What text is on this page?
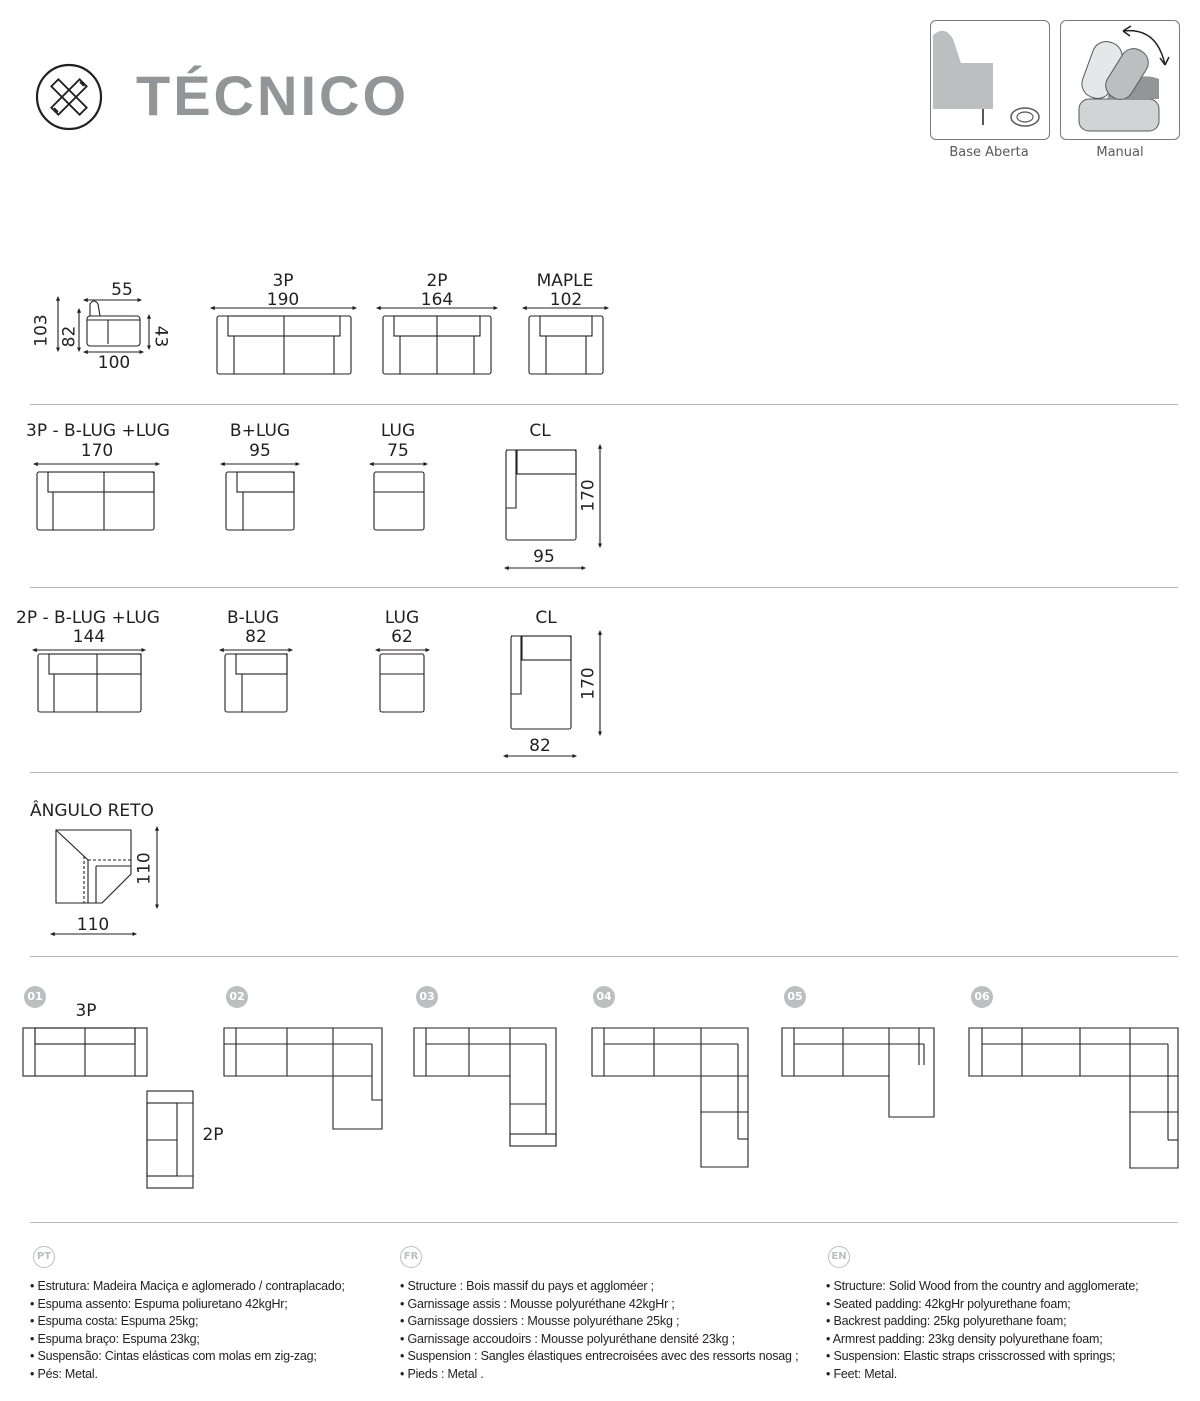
TÉCNICO
Base Aberta	Manual
55
100
103 82	43
3P
190
2P
164
MAPLE
102
3P - B-LUG +LUG
170
B+LUG
95
LUG
75
CL
95
170
2P - B-LUG +LUG
144
B-LUG
82
LUG
62
CL
82
170
ÂNGULO RETO
110
110
01	02	03	04	05	06
3P
2P
PT	FR	EN
• Estrutura: Madeira Maciça e aglomerado / contraplacado;
• Espuma assento: Espuma poliuretano 42kgHr;
• Espuma costa: Espuma 25kg;
• Espuma braço: Espuma 23kg;
• Suspensão: Cintas elásticas com molas em zig-zag;
• Pés: Metal.
• Structure : Bois massif du pays et aggloméer ;
• Garnissage assis : Mousse polyuréthane 42kgHr ;
• Garnissage dossiers : Mousse polyuréthane 25kg ;
• Garnissage accoudoirs : Mousse polyuréthane densité 23kg ;
• Suspension : Sangles élastiques entrecroisées avec des ressorts nosag ;
• Pieds : Metal .
• Structure: Solid Wood from the country and agglomerate;
• Seated padding: 42kgHr polyurethane foam;
• Backrest padding: 25kg polyurethane foam;
• Armrest padding: 23kg density polyurethane foam;
• Suspension: Elastic straps crisscrossed with springs;
• Feet: Metal.
